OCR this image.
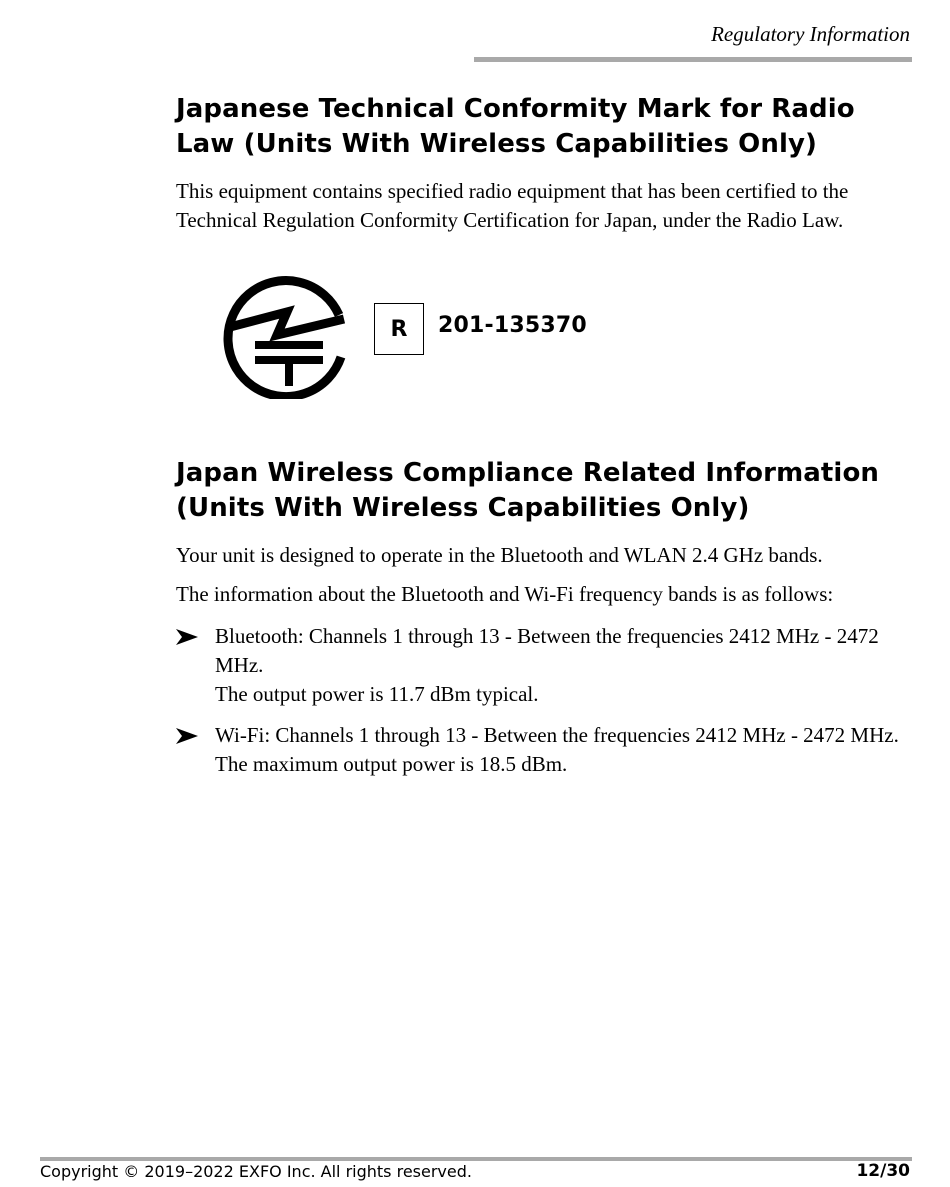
Regulatory Information
Japanese Technical Conformity Mark for Radio
Law (Units With Wireless Capabilities Only)

This equipment contains specified radio equipment that has been certified to the Technical Regulation Conformity Certification for Japan, under the Radio Law.

R	201-135370
Japan Wireless Compliance Related Information
(Units With Wireless Capabilities Only)

Your unit is designed to operate in the Bluetooth and WLAN 2.4 GHz bands.

The information about the Bluetooth and Wi-Fi frequency bands is as follows:

Bluetooth: Channels 1 through 13 - Between the frequencies 2412 MHz - 2472 MHz.

The output power is 11.7 dBm typical.

Wi-Fi: Channels 1 through 13 - Between the frequencies 2412 MHz - 2472 MHz.

The maximum output power is 18.5 dBm.

Copyright © 2019–2022 EXFO Inc. All rights reserved.	12/30
